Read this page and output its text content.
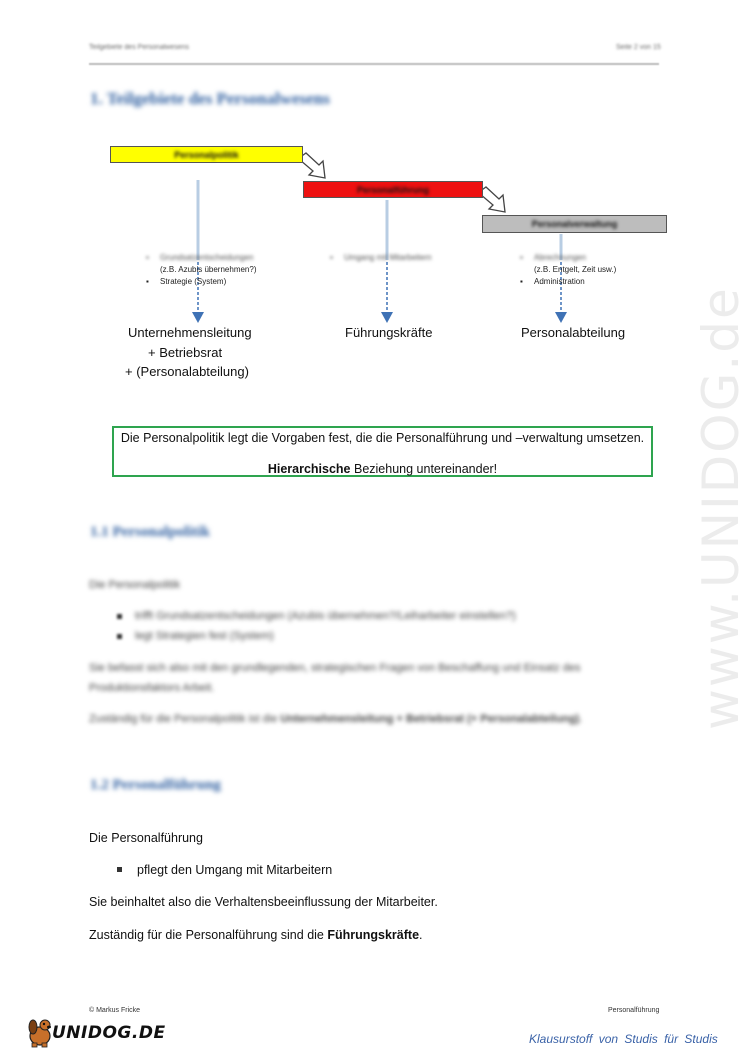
Teilgebiete des Personalwesens	Seite 2 von 15
1. Teilgebiete des Personalwesens
Personalpolitik
Personalführung
Personalverwaltung
▪ Grundsatzentscheidungen
(z.B. Azubis übernehmen?)
▪ Strategie (System)
▪ Umgang mit Mitarbeitern	▪ Abrechnungen
(z.B. Entgelt, Zeit usw.)
▪ Administration
Unternehmensleitung
+ Betriebsrat
+ (Personalabteilung)
Führungskräfte	Personalabteilung
Die Personalpolitik legt die Vorgaben fest, die die Personalführung und –verwaltung umsetzen.
Hierarchische Beziehung untereinander!
1.1 Personalpolitik
Die Personalpolitik
trifft Grundsatzentscheidungen (Azubis übernehmen?/Leiharbeiter einstellen?)
legt Strategien fest (System)
Sie befasst sich also mit den grundlegenden, strategischen Fragen von Beschaffung und Einsatz des
Produktionsfaktors Arbeit.
Zuständig für die Personalpolitik ist die Unternehmensleitung + Betriebsrat (+ Personalabteilung).
1.2 Personalführung
Die Personalführung
pflegt den Umgang mit Mitarbeitern
Sie beinhaltet also die Verhaltensbeeinflussung der Mitarbeiter.
Zuständig für die Personalführung sind die Führungskräfte.
www.UNIDOG.de
© Markus Fricke	Personalführung
UNIDOG.DE	Klausurstoff von Studis für Studis
